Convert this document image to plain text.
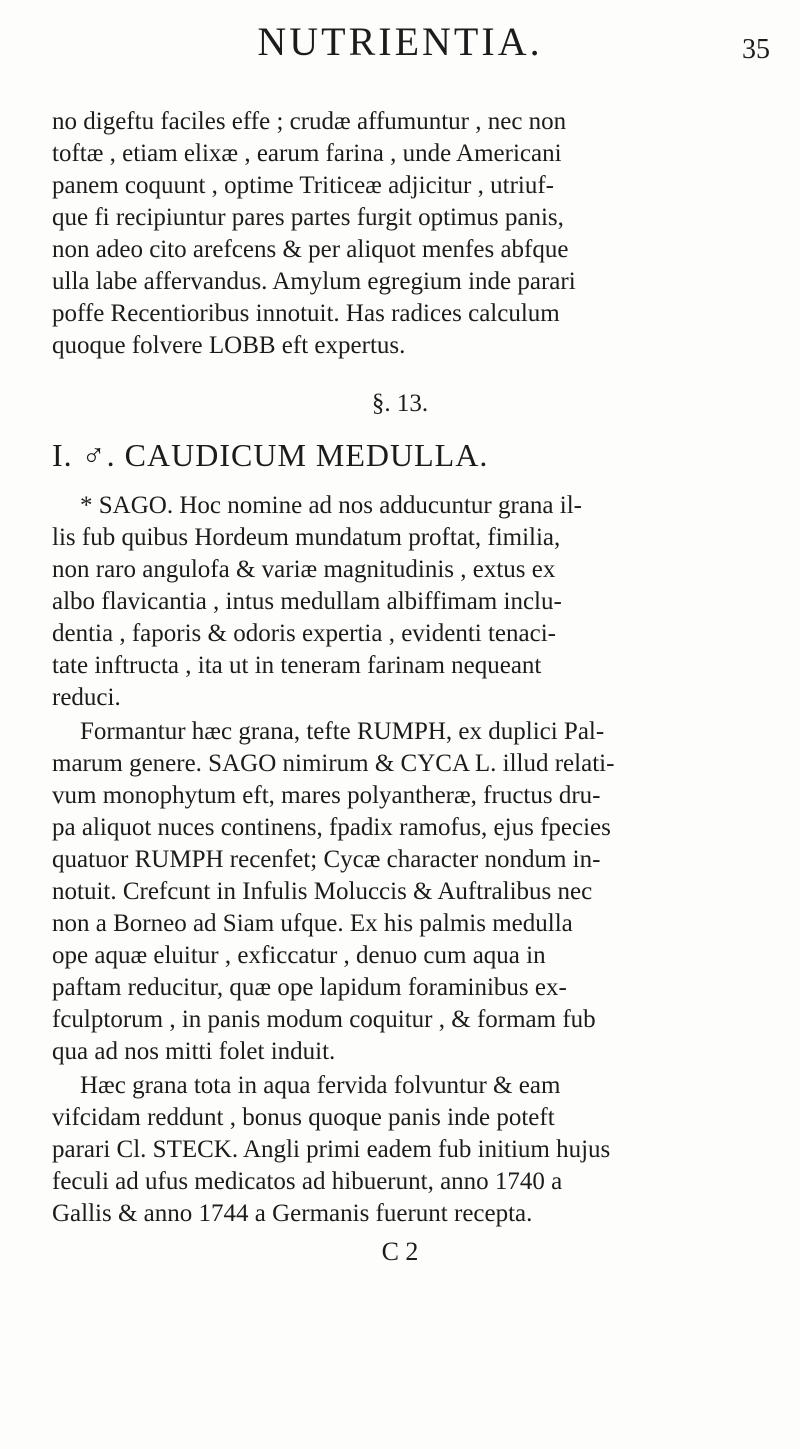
NUTRIENTIA.	35
no digeftu faciles effe ; crudæ affumuntur , nec non
toftæ , etiam elixæ , earum farina , unde Americani
panem coquunt , optime Triticeæ adjicitur , utriuf-
que fi recipiuntur pares partes furgit optimus panis,
non adeo cito arefcens & per aliquot menfes abfque
ulla labe affervandus. Amylum egregium inde parari
poffe Recentioribus innotuit. Has radices calculum
quoque folvere LOBB eft expertus.
§. 13.
I. ♂. CAUDICUM MEDULLA.
* SAGO. Hoc nomine ad nos adducuntur grana il-
lis fub quibus Hordeum mundatum proftat, fimilia,
non raro angulofa & variæ magnitudinis , extus ex
albo flavicantia , intus medullam albiffimam inclu-
dentia , faporis & odoris expertia , evidenti tenaci-
tate inftructa , ita ut in teneram farinam nequeant
reduci.
Formantur hæc grana, tefte RUMPH, ex duplici Pal-
marum genere. SAGO nimirum & CYCA L. illud relati-
vum monophytum eft, mares polyantheræ, fructus dru-
pa aliquot nuces continens, fpadix ramofus, ejus fpecies
quatuor RUMPH recenfet; Cycæ character nondum in-
notuit. Crefcunt in Infulis Moluccis & Auftralibus nec
non a Borneo ad Siam ufque. Ex his palmis medulla
ope aquæ eluitur , exficcatur , denuo cum aqua in
paftam reducitur, quæ ope lapidum foraminibus ex-
fculptorum , in panis modum coquitur , & formam fub
qua ad nos mitti folet induit.
Hæc grana tota in aqua fervida folvuntur & eam
vifcidam reddunt , bonus quoque panis inde poteft
parari Cl. STECK. Angli primi eadem fub initium hujus
feculi ad ufus medicatos ad hibuerunt, anno 1740 a
Gallis & anno 1744 a Germanis fuerunt recepta.
C 2
